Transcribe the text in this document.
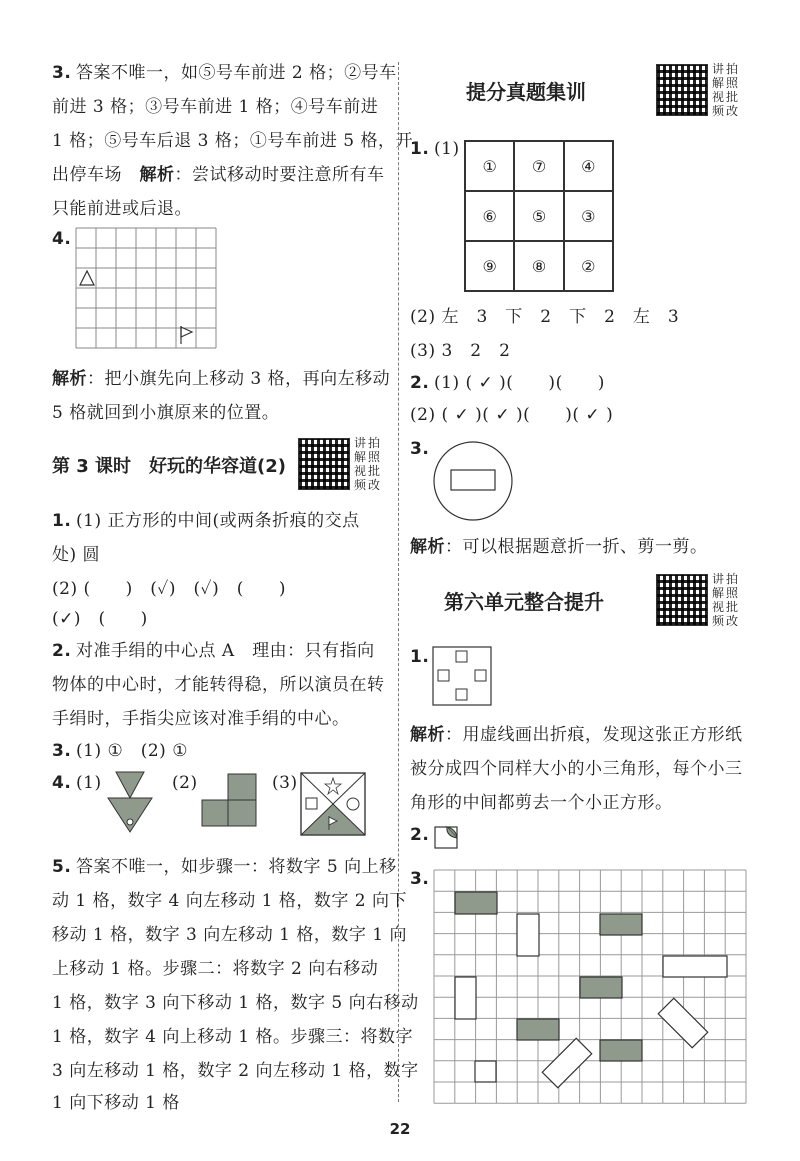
3. 答案不唯一，如⑤号车前进 2 格；②号车
前进 3 格；③号车前进 1 格；④号车前进
1 格；⑤号车后退 3 格；①号车前进 5 格，开
出停车场　解析：尝试移动时要注意所有车
只能前进或后退。
4.
解析：把小旗先向上移动 3 格，再向左移动
5 格就回到小旗原来的位置。
第 3 课时　好玩的华容道(2)
讲拍解照视批频改
1. (1) 正方形的中间(或两条折痕的交点
处) 圆
(2) (　　)　(✓)　(✓)　(　　)
(✓)　(　　)
2. 对准手绢的中心点 A　理由：只有指向
物体的中心时，才能转得稳，所以演员在转
手绢时，手指尖应该对准手绢的中心。
3. (1) ①　(2) ①
4. (1)	(2)	(3)
5. 答案不唯一，如步骤一：将数字 5 向上移
动 1 格，数字 4 向左移动 1 格，数字 2 向下
移动 1 格，数字 3 向左移动 1 格，数字 1 向
上移动 1 格。步骤二：将数字 2 向右移动
1 格，数字 3 向下移动 1 格，数字 5 向右移动
1 格，数字 4 向上移动 1 格。步骤三：将数字
3 向左移动 1 格，数字 2 向左移动 1 格，数字
1 向下移动 1 格
提分真题集训
讲拍解照视批频改
1. (1)
①	⑦	④
⑥	⑤	③
⑨	⑧	②
(2) 左　3　下　2　下　2　左　3
(3) 3　2　2
2. (1) ( ✓ )(　　)(　　)
(2) ( ✓ )( ✓ )(　　)( ✓ )
3.
解析：可以根据题意折一折、剪一剪。
第六单元整合提升
讲拍解照视批频改
1.
解析：用虚线画出折痕，发现这张正方形纸
被分成四个同样大小的小三角形，每个小三
角形的中间都剪去一个小正方形。
2.
3.
22
